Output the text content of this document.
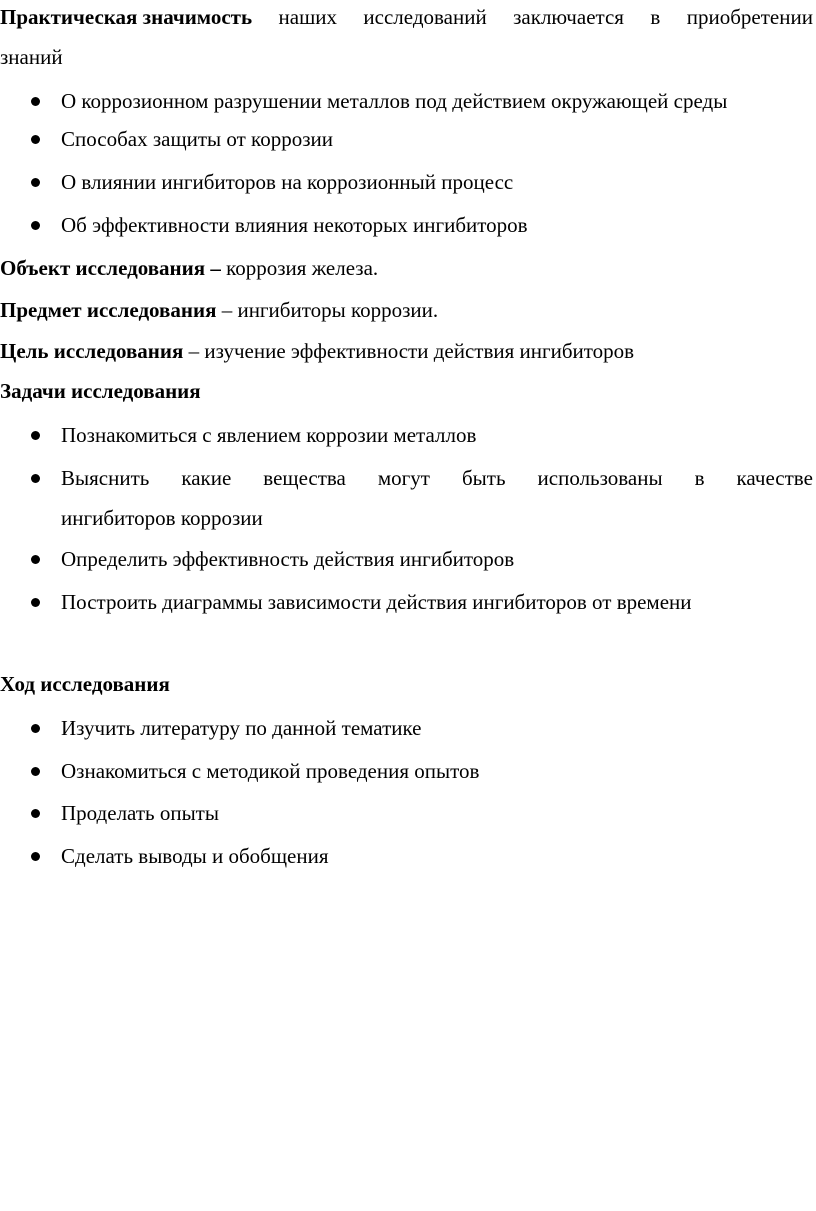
Практическая значимость наших исследований заключается в приобретении
знаний
О коррозионном разрушении металлов под действием окружающей среды
Способах защиты от коррозии
О влиянии ингибиторов на коррозионный процесс
Об эффективности влияния некоторых ингибиторов
Объект исследования – коррозия железа.
Предмет исследования – ингибиторы коррозии.
Цель исследования – изучение эффективности действия ингибиторов
Задачи исследования
Познакомиться с явлением коррозии металлов
Выяснить какие вещества могут быть использованы в качестве
ингибиторов коррозии
Определить эффективность действия ингибиторов
Построить диаграммы зависимости действия ингибиторов от времени
Ход исследования
Изучить литературу по данной тематике
Ознакомиться с методикой проведения опытов
Проделать опыты
Сделать выводы и обобщения
